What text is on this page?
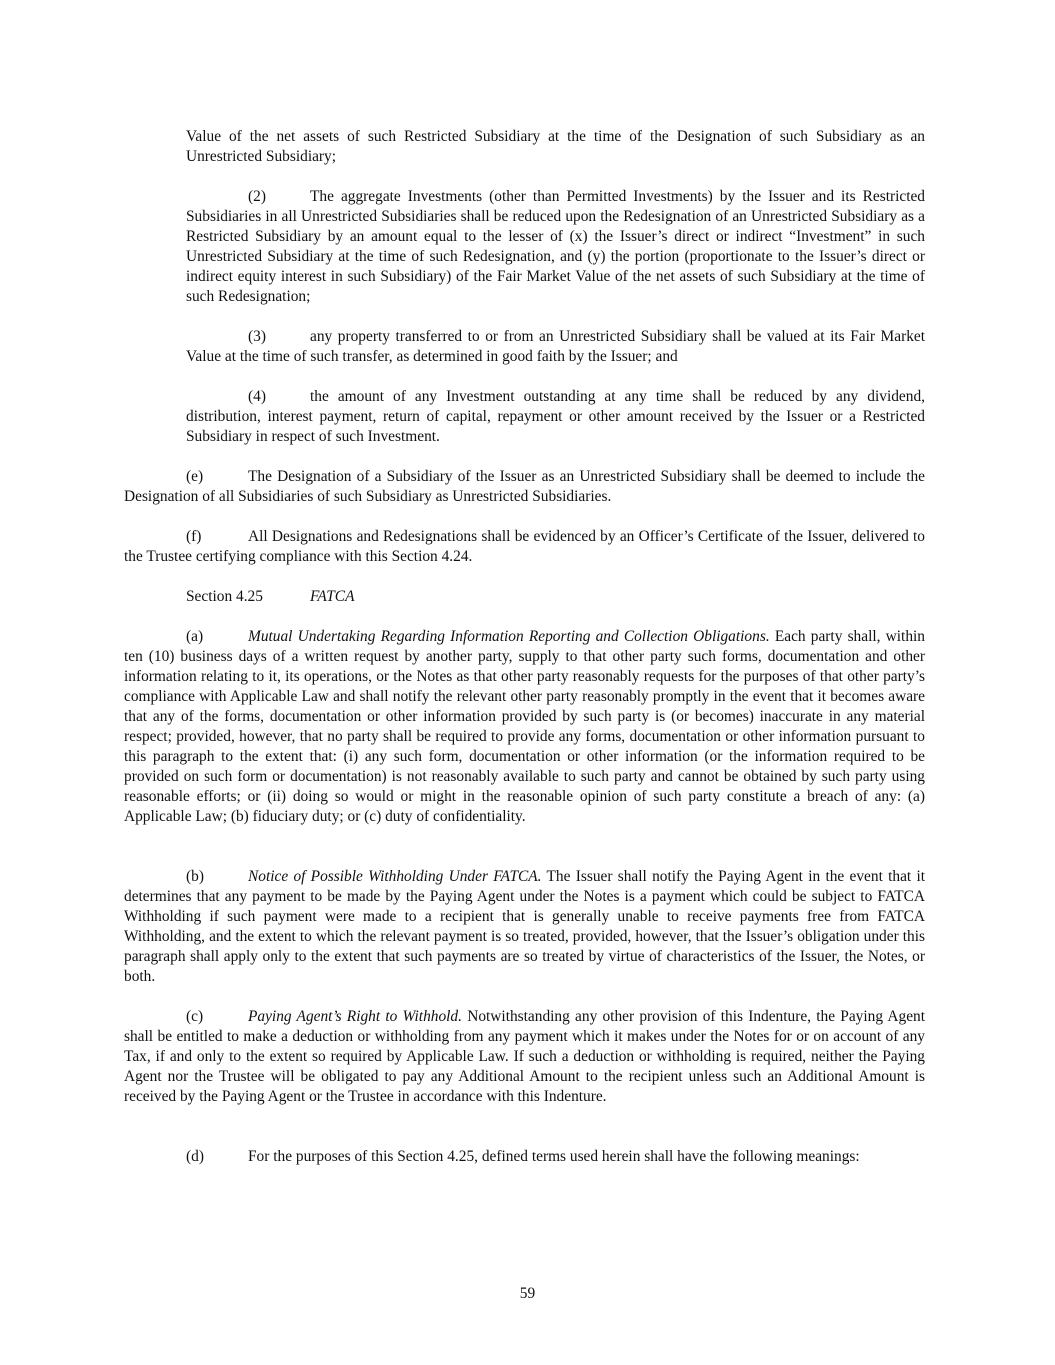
Value of the net assets of such Restricted Subsidiary at the time of the Designation of such Subsidiary as an Unrestricted Subsidiary;

(2)	The aggregate Investments (other than Permitted Investments) by the Issuer and its Restricted Subsidiaries in all Unrestricted Subsidiaries shall be reduced upon the Redesignation of an Unrestricted Subsidiary as a Restricted Subsidiary by an amount equal to the lesser of (x) the Issuer’s direct or indirect “Investment” in such Unrestricted Subsidiary at the time of such Redesignation, and (y) the portion (proportionate to the Issuer’s direct or indirect equity interest in such Subsidiary) of the Fair Market Value of the net assets of such Subsidiary at the time of such Redesignation;

(3)	any property transferred to or from an Unrestricted Subsidiary shall be valued at its Fair Market Value at the time of such transfer, as determined in good faith by the Issuer; and

(4)	the amount of any Investment outstanding at any time shall be reduced by any dividend, distribution, interest payment, return of capital, repayment or other amount received by the Issuer or a Restricted Subsidiary in respect of such Investment.

(e)	The Designation of a Subsidiary of the Issuer as an Unrestricted Subsidiary shall be deemed to include the Designation of all Subsidiaries of such Subsidiary as Unrestricted Subsidiaries.

(f)	All Designations and Redesignations shall be evidenced by an Officer’s Certificate of the Issuer, delivered to the Trustee certifying compliance with this Section 4.24.

Section 4.25	FATCA

(a)	Mutual Undertaking Regarding Information Reporting and Collection Obligations. Each party shall, within ten (10) business days of a written request by another party, supply to that other party such forms, documentation and other information relating to it, its operations, or the Notes as that other party reasonably requests for the purposes of that other party’s compliance with Applicable Law and shall notify the relevant other party reasonably promptly in the event that it becomes aware that any of the forms, documentation or other information provided by such party is (or becomes) inaccurate in any material respect; provided, however, that no party shall be required to provide any forms, documentation or other information pursuant to this paragraph to the extent that: (i) any such form, documentation or other information (or the information required to be provided on such form or documentation) is not reasonably available to such party and cannot be obtained by such party using reasonable efforts; or (ii) doing so would or might in the reasonable opinion of such party constitute a breach of any: (a) Applicable Law; (b) fiduciary duty; or (c) duty of confidentiality.

(b)	Notice of Possible Withholding Under FATCA. The Issuer shall notify the Paying Agent in the event that it determines that any payment to be made by the Paying Agent under the Notes is a payment which could be subject to FATCA Withholding if such payment were made to a recipient that is generally unable to receive payments free from FATCA Withholding, and the extent to which the relevant payment is so treated, provided, however, that the Issuer’s obligation under this paragraph shall apply only to the extent that such payments are so treated by virtue of characteristics of the Issuer, the Notes, or both.

(c)	Paying Agent’s Right to Withhold. Notwithstanding any other provision of this Indenture, the Paying Agent shall be entitled to make a deduction or withholding from any payment which it makes under the Notes for or on account of any Tax, if and only to the extent so required by Applicable Law. If such a deduction or withholding is required, neither the Paying Agent nor the Trustee will be obligated to pay any Additional Amount to the recipient unless such an Additional Amount is received by the Paying Agent or the Trustee in accordance with this Indenture.

(d)	For the purposes of this Section 4.25, defined terms used herein shall have the following meanings:

59
